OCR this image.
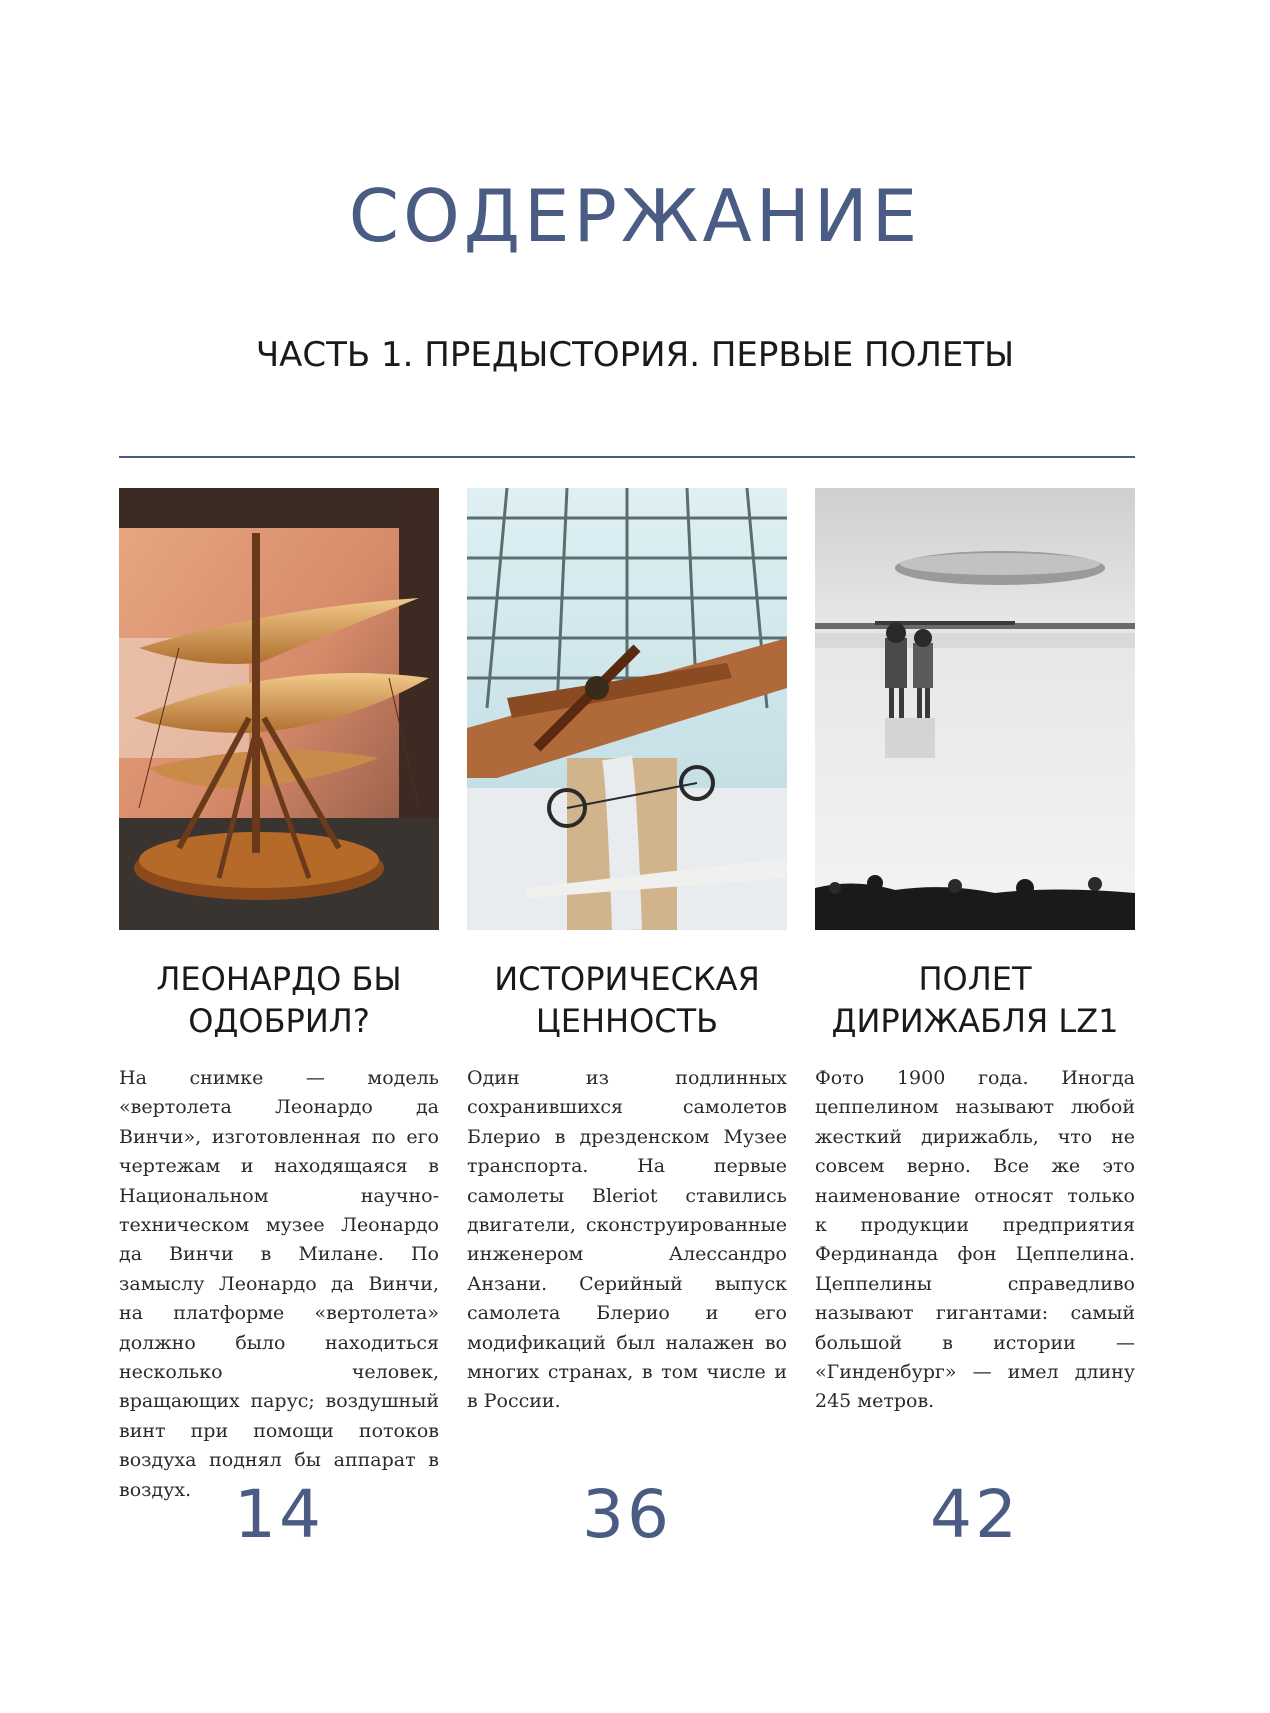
СОДЕРЖАНИЕ
ЧАСТЬ 1. ПРЕДЫСТОРИЯ. ПЕРВЫЕ ПОЛЕТЫ
ЛЕОНАРДО БЫ
ОДОБРИЛ?
На снимке — модель «вертолета Леонардо да Винчи», изготовленная по его чертежам и находящаяся в Национальном научно-техническом музее Леонардо да Винчи в Милане. По замыслу Леонардо да Винчи, на платформе «вертолета» должно было находиться несколько человек, вращающих парус; воздушный винт при помощи потоков воздуха поднял бы аппарат в воздух.
ИСТОРИЧЕСКАЯ
ЦЕННОСТЬ
Один из подлинных сохранившихся самолетов Блерио в дрезденском Музее транспорта. На первые самолеты Bleriot ставились двигатели, сконструированные инженером Алессандро Анзани. Серийный выпуск самолета Блерио и его модификаций был налажен во многих странах, в том числе и в России.
ПОЛЕТ
ДИРИЖАБЛЯ LZ1
Фото 1900 года. Иногда цеппелином называют любой жесткий дирижабль, что не совсем верно. Все же это наименование относят только к продукции предприятия Фердинанда фон Цеппелина. Цеппелины справедливо называют гигантами: самый большой в истории — «Гинденбург» — имел длину 245 метров.
14	36	42
